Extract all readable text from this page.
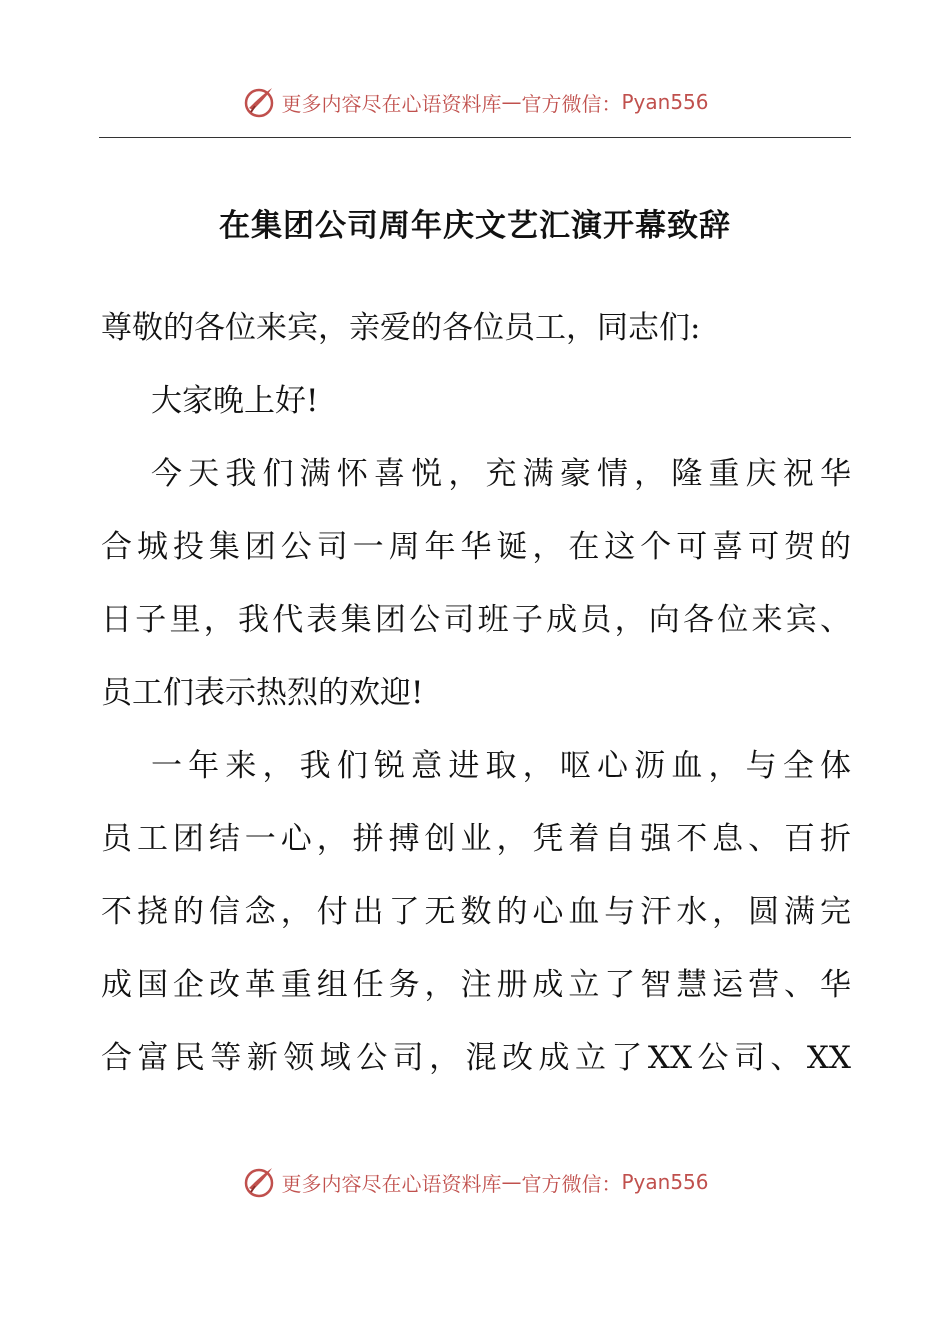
更多内容尽在心语资料库 — 官方微信： Pyan556
在集团公司周年庆文艺汇演开幕致辞
尊敬的各位来宾，亲爱的各位员工，同志们:
大家晚上好!
今天我们满怀喜悦，充满豪情，隆重庆祝华
合城投集团公司一周年华诞，在这个可喜可贺的
日子里，我代表集团公司班子成员，向各位来宾、
员工们表示热烈的欢迎!
一年来，我们锐意进取，呕心沥血，与全体
员工团结一心，拼搏创业，凭着自强不息、百折
不挠的信念，付出了无数的心血与汗水，圆满完
成国企改革重组任务，注册成立了智慧运营、华
合富民等新领域公司，混改成立了XX公司、XX
更多内容尽在心语资料库 — 官方微信： Pyan556
